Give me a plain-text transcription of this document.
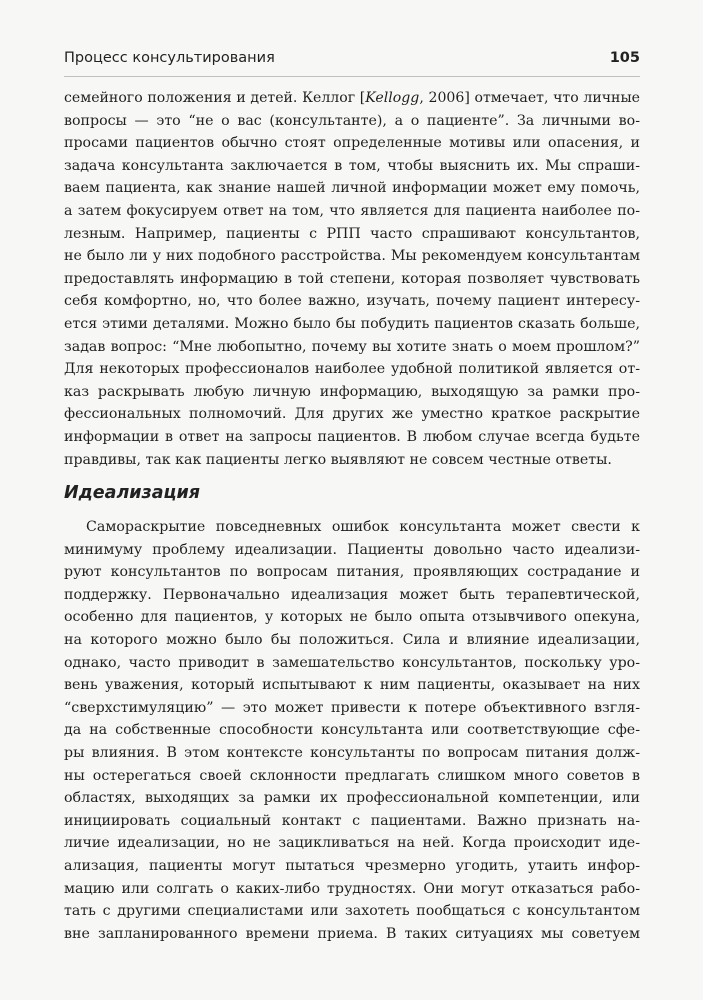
Процесс консультирования	105
семейного положения и детей. Келлог [Kellogg, 2006] отмечает, что личные
вопросы — это “не о вас (консультанте), а о пациенте”. За личными во-
просами пациентов обычно стоят определенные мотивы или опасения, и
задача консультанта заключается в том, чтобы выяснить их. Мы спраши-
ваем пациента, как знание нашей личной информации может ему помочь,
а затем фокусируем ответ на том, что является для пациента наиболее по-
лезным. Например, пациенты с РПП часто спрашивают консультантов,
не было ли у них подобного расстройства. Мы рекомендуем консультантам
предоставлять информацию в той степени, которая позволяет чувствовать
себя комфортно, но, что более важно, изучать, почему пациент интересу-
ется этими деталями. Можно было бы побудить пациентов сказать больше,
задав вопрос: “Мне любопытно, почему вы хотите знать о моем прошлом?”
Для некоторых профессионалов наиболее удобной политикой является от-
каз раскрывать любую личную информацию, выходящую за рамки про-
фессиональных полномочий. Для других же уместно краткое раскрытие
информации в ответ на запросы пациентов. В любом случае всегда будьте
правдивы, так как пациенты легко выявляют не совсем честные ответы.
Идеализация
Самораскрытие повседневных ошибок консультанта может свести к
минимуму проблему идеализации. Пациенты довольно часто идеализи-
руют консультантов по вопросам питания, проявляющих сострадание и
поддержку. Первоначально идеализация может быть терапевтической,
особенно для пациентов, у которых не было опыта отзывчивого опекуна,
на которого можно было бы положиться. Сила и влияние идеализации,
однако, часто приводит в замешательство консультантов, поскольку уро-
вень уважения, который испытывают к ним пациенты, оказывает на них
“сверхстимуляцию” — это может привести к потере объективного взгля-
да на собственные способности консультанта или соответствующие сфе-
ры влияния. В этом контексте консультанты по вопросам питания долж-
ны остерегаться своей склонности предлагать слишком много советов в
областях, выходящих за рамки их профессиональной компетенции, или
инициировать социальный контакт с пациентами. Важно признать на-
личие идеализации, но не зацикливаться на ней. Когда происходит иде-
ализация, пациенты могут пытаться чрезмерно угодить, утаить инфор-
мацию или солгать о каких-либо трудностях. Они могут отказаться рабо-
тать с другими специалистами или захотеть пообщаться с консультантом
вне запланированного времени приема. В таких ситуациях мы советуем
